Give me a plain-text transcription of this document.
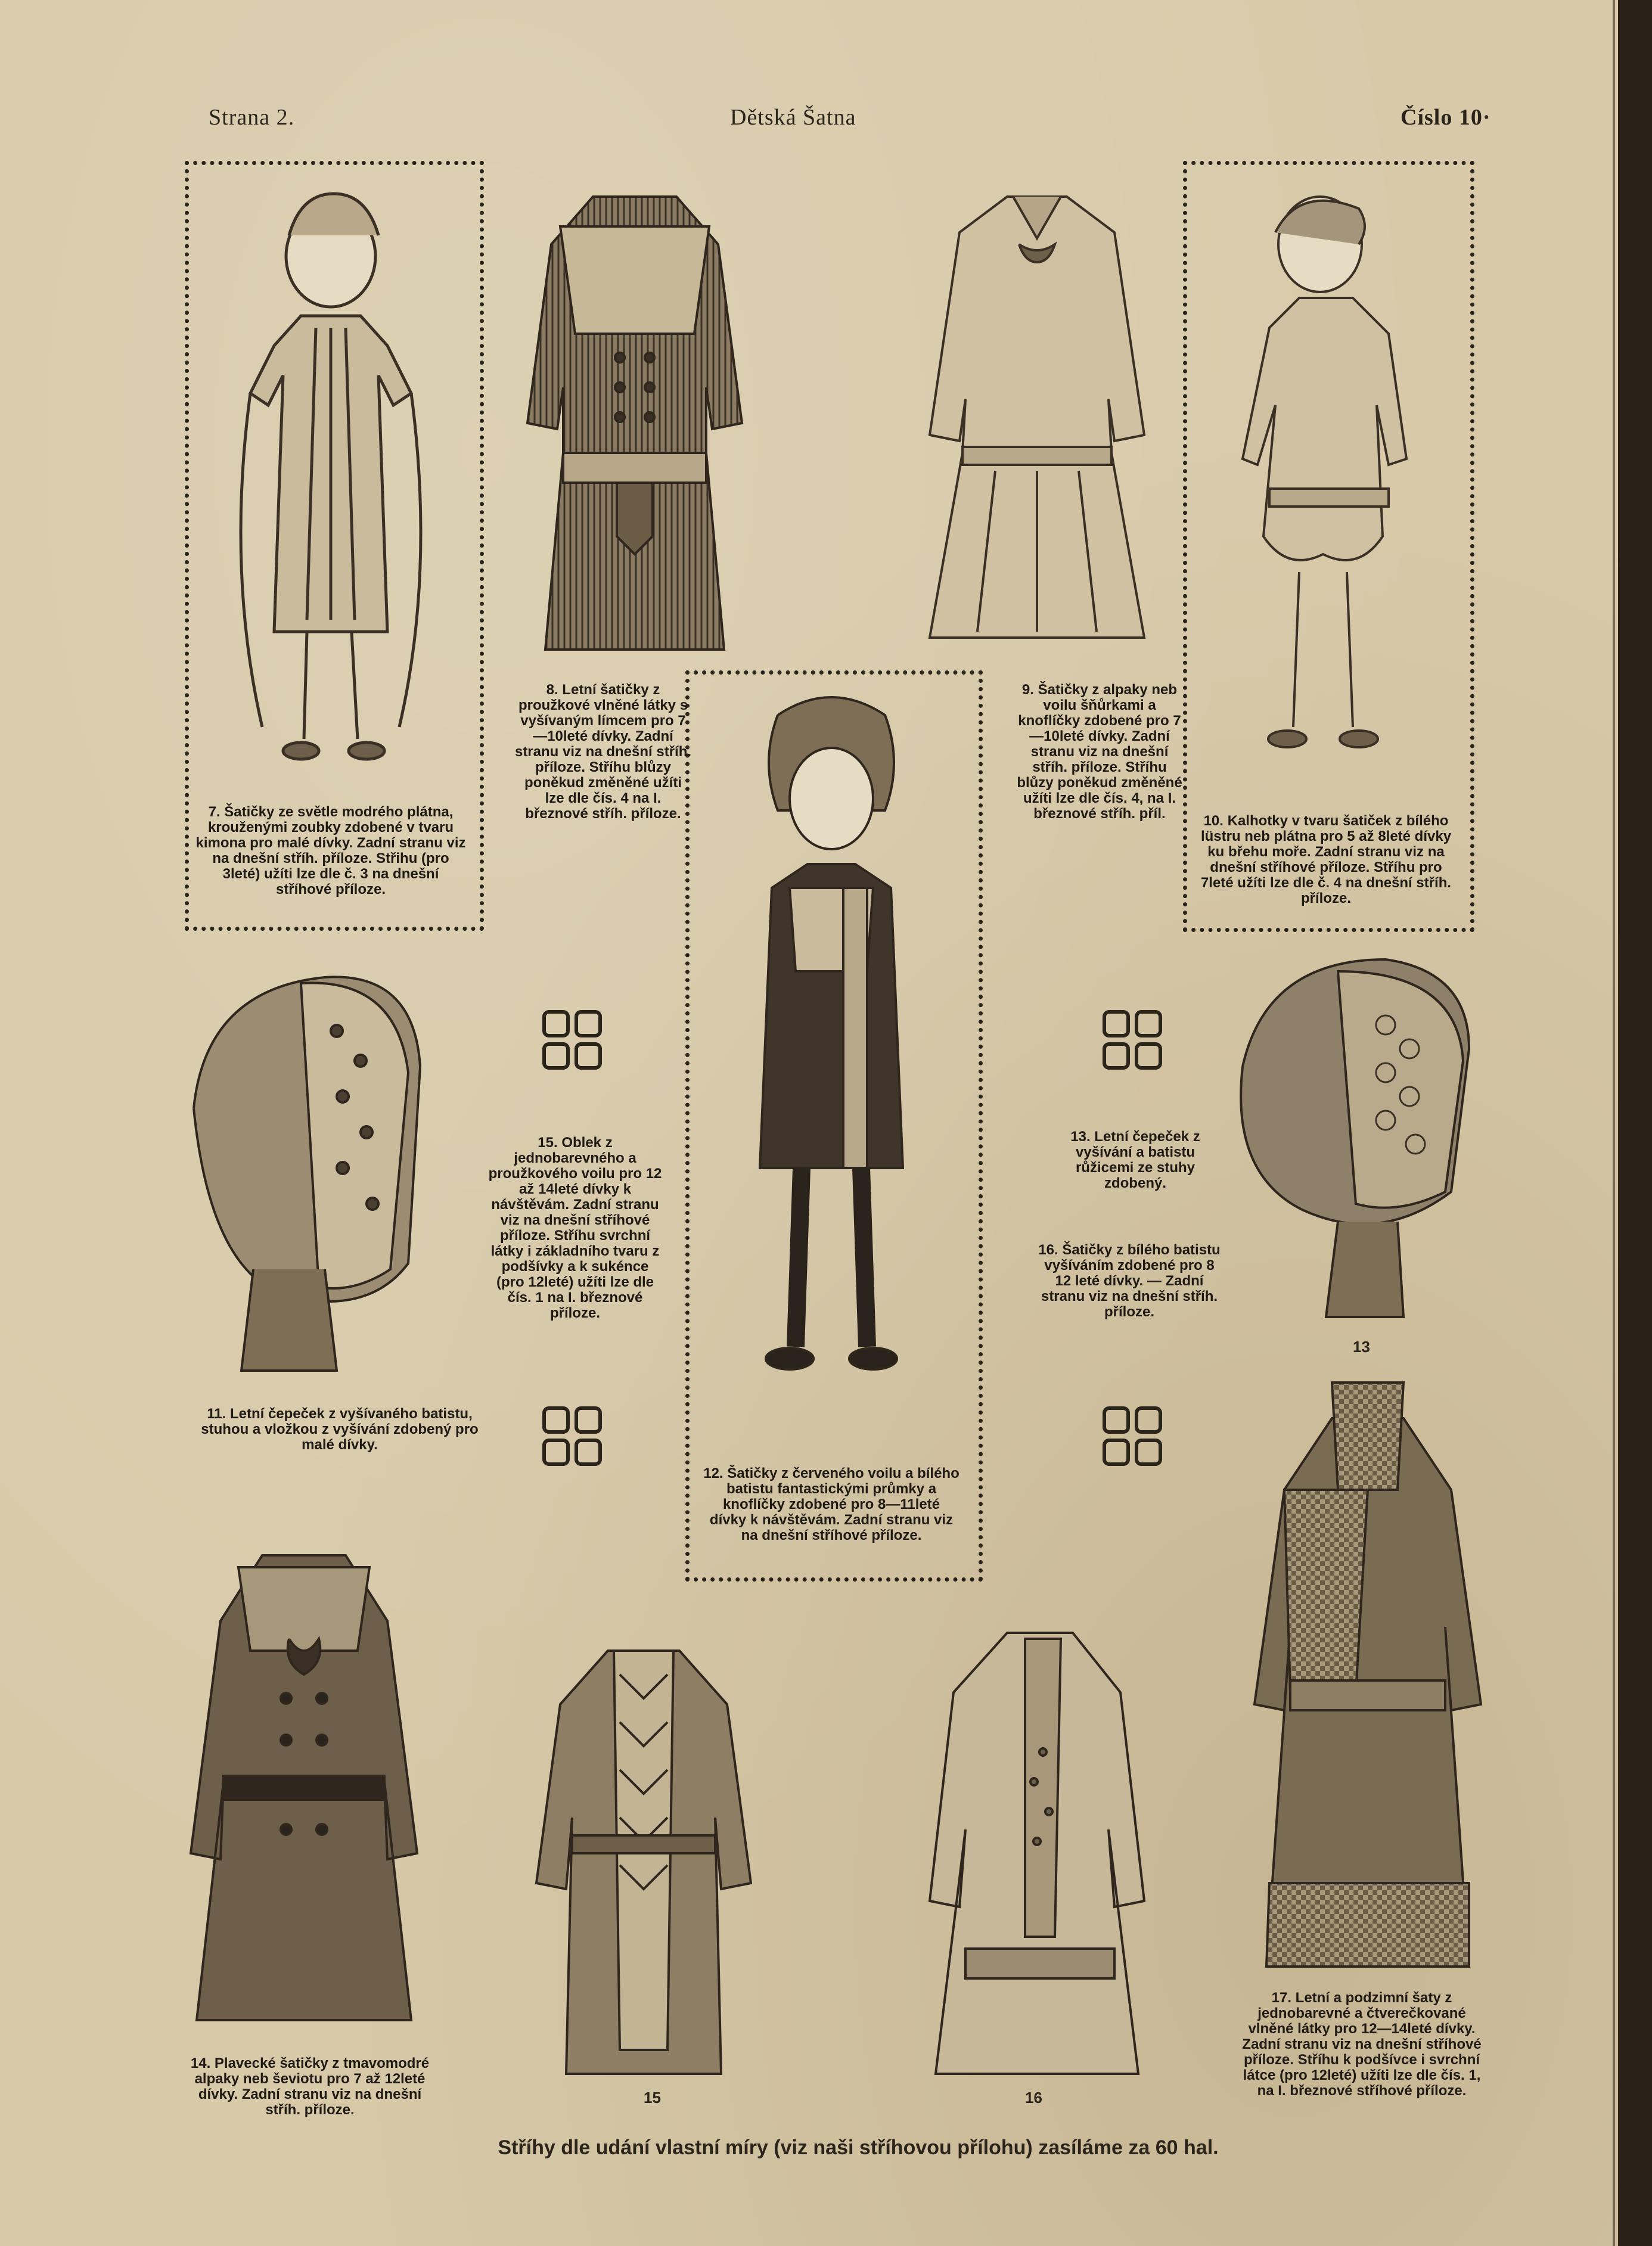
Strana 2.	Dětská Šatna	Číslo 10·
7. Šatičky ze světle modrého plátna, krouženými zoubky zdobené v tvaru kimona pro malé dívky. Zadní stranu viz na dnešní stříh. příloze. Střihu (pro 3leté) užíti lze dle č. 3 na dnešní stříhové příloze.
8. Letní šatičky z proužkové vlněné látky s vyšívaným límcem pro 7—10leté dívky. Zadní stranu viz na dnešní stříh. příloze. Stříhu blůzy poněkud změněné užíti lze dle čís. 4 na I. březnové stříh. příloze.
9. Šatičky z alpaky neb voilu šňůrkami a knoflíčky zdobené pro 7—10leté dívky. Zadní stranu viz na dnešní stříh. příloze. Stříhu blůzy poněkud změněné užíti lze dle čís. 4, na I. březnové stříh. příl.	10. Kalhotky v tvaru šatiček z bílého lüstru neb plátna pro 5 až 8leté dívky ku břehu moře. Zadní stranu viz na dnešní stříhové příloze. Stříhu pro 7leté užíti lze dle č. 4 na dnešní stříh. příloze.
12. Šatičky z červeného voilu a bílého batistu fantastickými průmky a knoflíčky zdobené pro 8—11leté dívky k návštěvám. Zadní stranu viz na dnešní stříhové příloze.
11. Letní čepeček z vyšívaného batistu, stuhou a vložkou z vyšívání zdobený pro malé dívky.
13
13. Letní čepeček z vyšívání a batistu růžicemi ze stuhy zdobený.
15. Oblek z jednobarevného a proužkového voilu pro 12 až 14leté dívky k návštěvám. Zadní stranu viz na dnešní stříhové příloze. Stříhu svrchní látky i základního tvaru z podšívky a k sukénce (pro 12leté) užíti lze dle čís. 1 na I. březnové příloze.
16. Šatičky z bílého batistu vyšíváním zdobené pro 8 12 leté dívky. — Zadní stranu viz na dnešní stříh. příloze.
14. Plavecké šatičky z tmavomodré alpaky neb ševiotu pro 7 až 12leté dívky. Zadní stranu viz na dnešní stříh. příloze.
15	16
17. Letní a podzimní šaty z jednobarevné a čtverečkované vlněné látky pro 12—14leté dívky. Zadní stranu viz na dnešní stříhové příloze. Stříhu k podšívce i svrchní látce (pro 12leté) užíti lze dle čís. 1, na I. březnové stříhové příloze.
Stříhy dle udání vlastní míry (viz naši stříhovou přílohu) zasíláme za 60 hal.
